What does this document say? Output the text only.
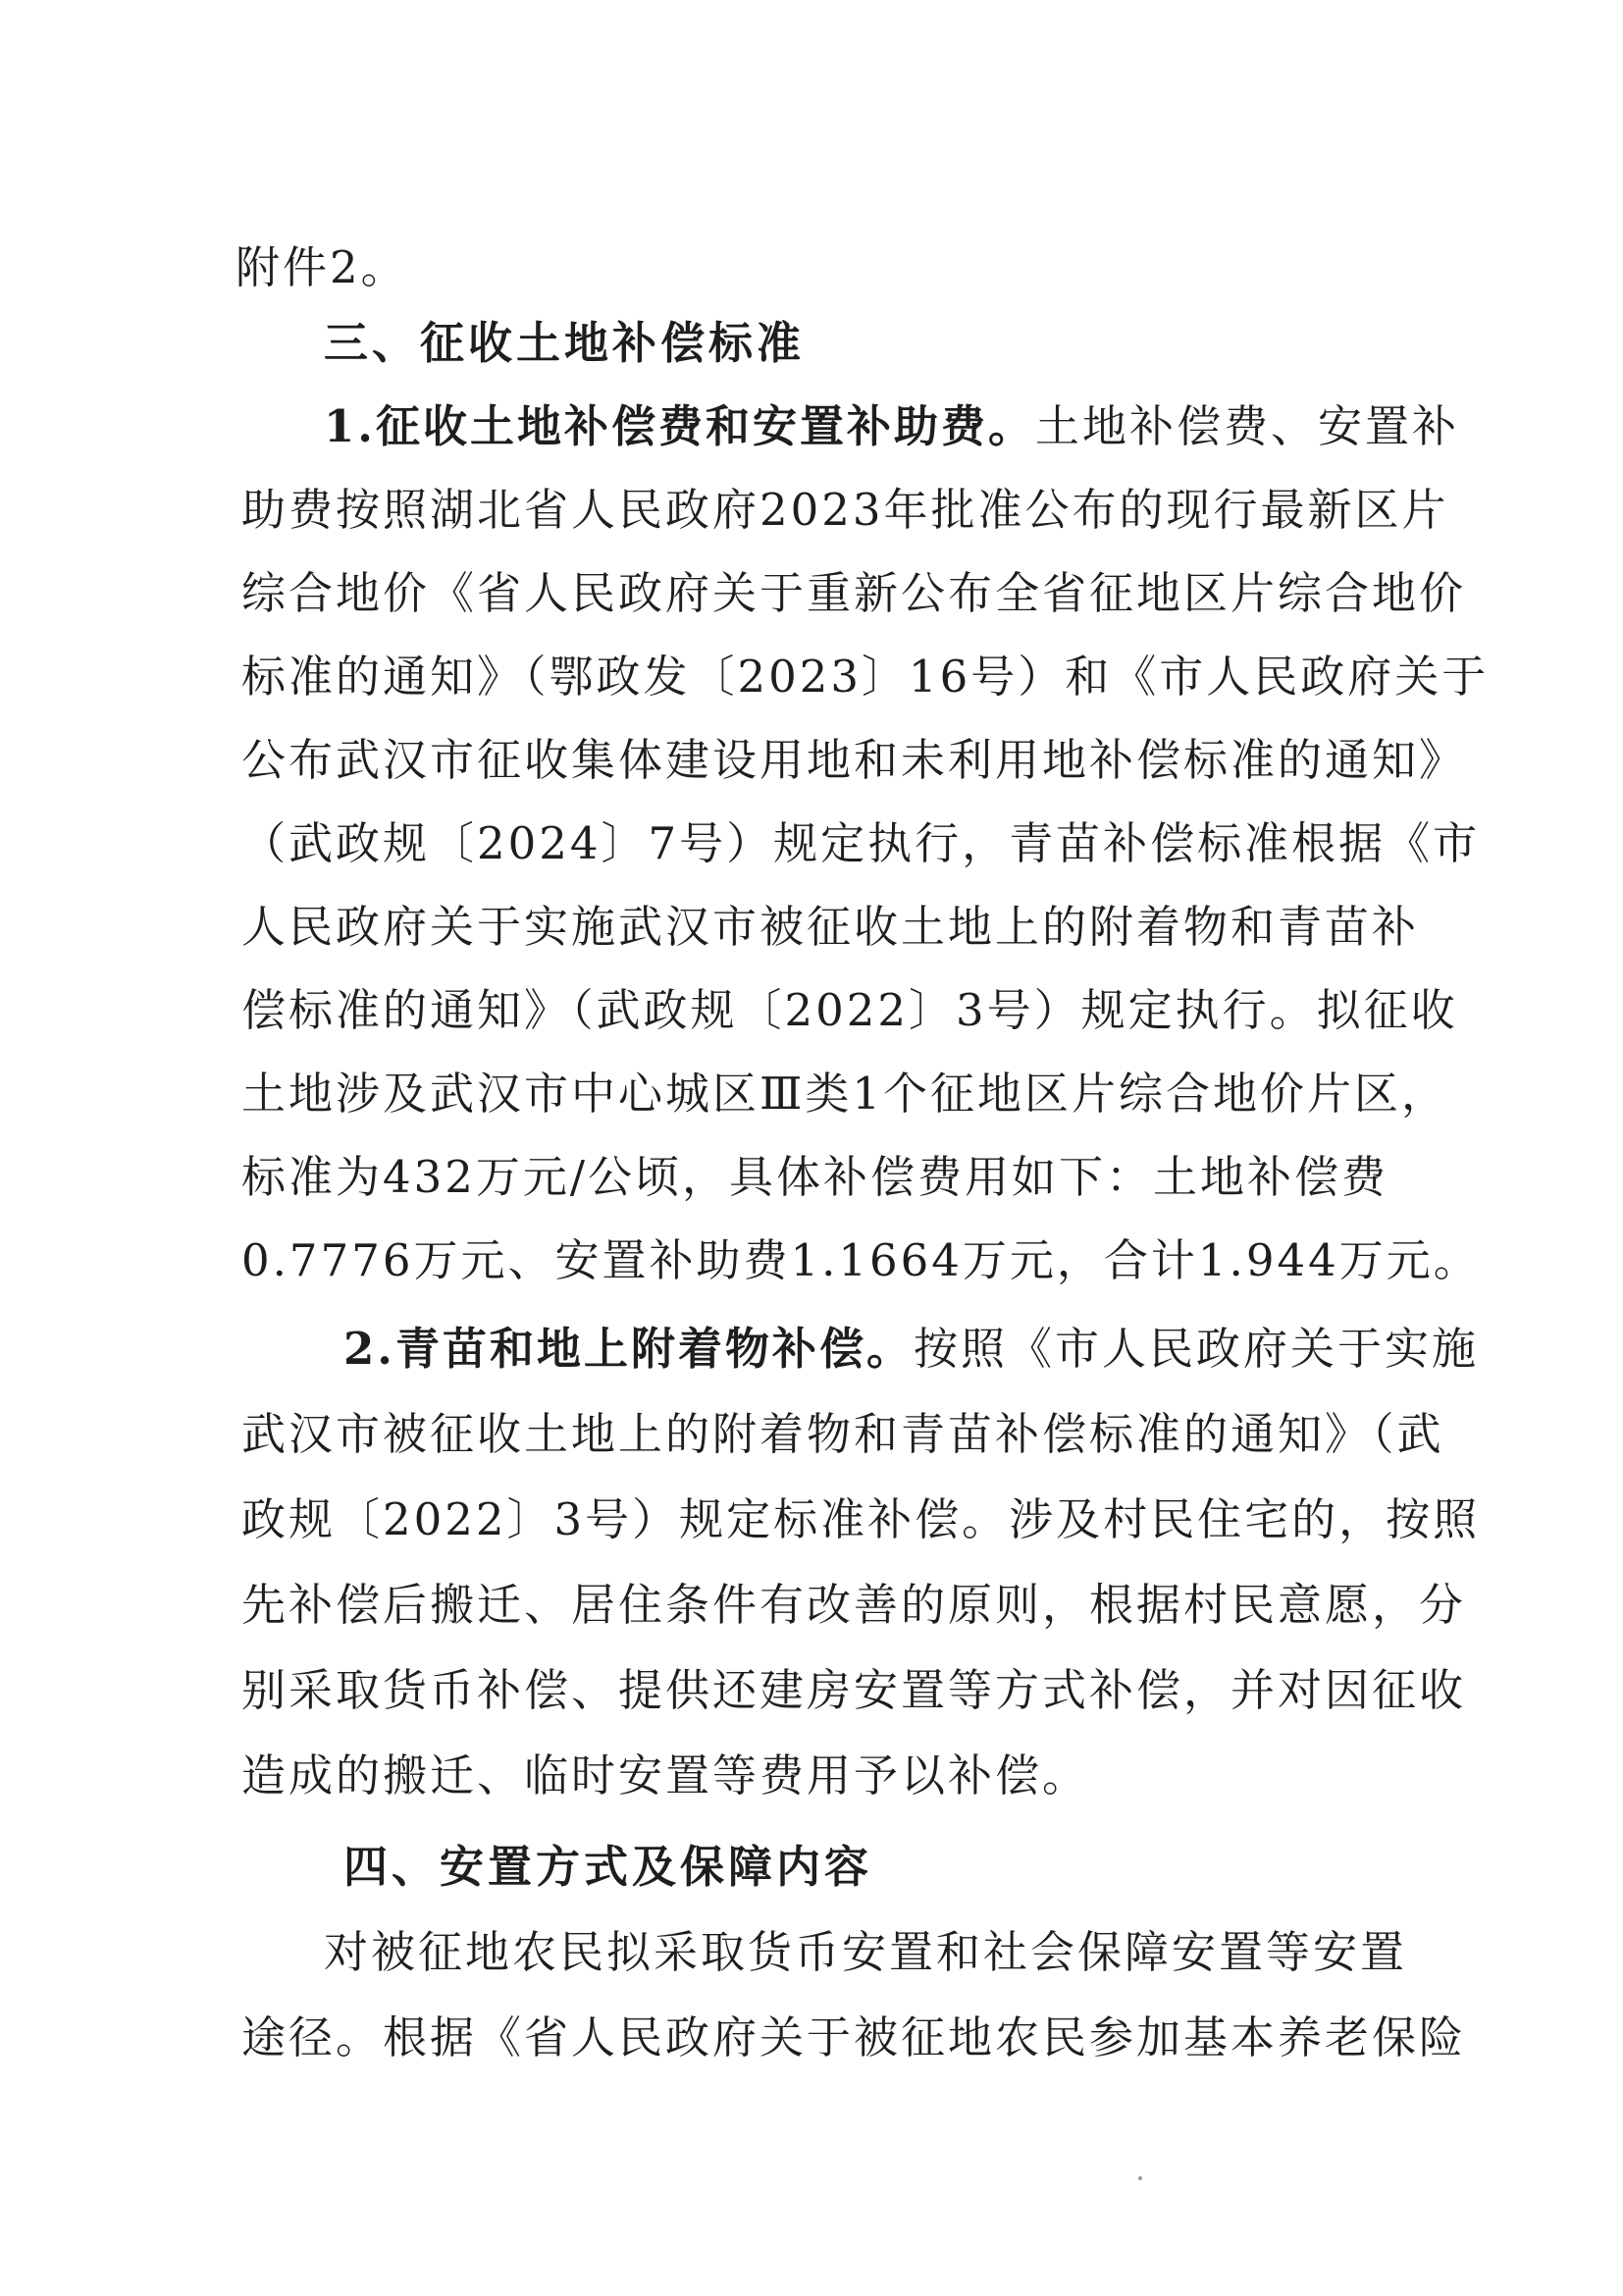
附件2。
三、征收土地补偿标准
1.征收土地补偿费和安置补助费。土地补偿费、安置补
助费按照湖北省人民政府2023年批准公布的现行最新区片
综合地价《省人民政府关于重新公布全省征地区片综合地价
标准的通知》（鄂政发〔2023〕16号）和《市人民政府关于
公布武汉市征收集体建设用地和未利用地补偿标准的通知》
（武政规〔2024〕7号）规定执行，青苗补偿标准根据《市
人民政府关于实施武汉市被征收土地上的附着物和青苗补
偿标准的通知》（武政规〔2022〕3号）规定执行。拟征收
土地涉及武汉市中心城区Ⅲ类1个征地区片综合地价片区，
标准为432万元/公顷，具体补偿费用如下：土地补偿费
0.7776万元、安置补助费1.1664万元，合计1.944万元。
2.青苗和地上附着物补偿。按照《市人民政府关于实施
武汉市被征收土地上的附着物和青苗补偿标准的通知》（武
政规〔2022〕3号）规定标准补偿。涉及村民住宅的，按照
先补偿后搬迁、居住条件有改善的原则，根据村民意愿，分
别采取货币补偿、提供还建房安置等方式补偿，并对因征收
造成的搬迁、临时安置等费用予以补偿。
四、安置方式及保障内容
对被征地农民拟采取货币安置和社会保障安置等安置
途径。根据《省人民政府关于被征地农民参加基本养老保险
